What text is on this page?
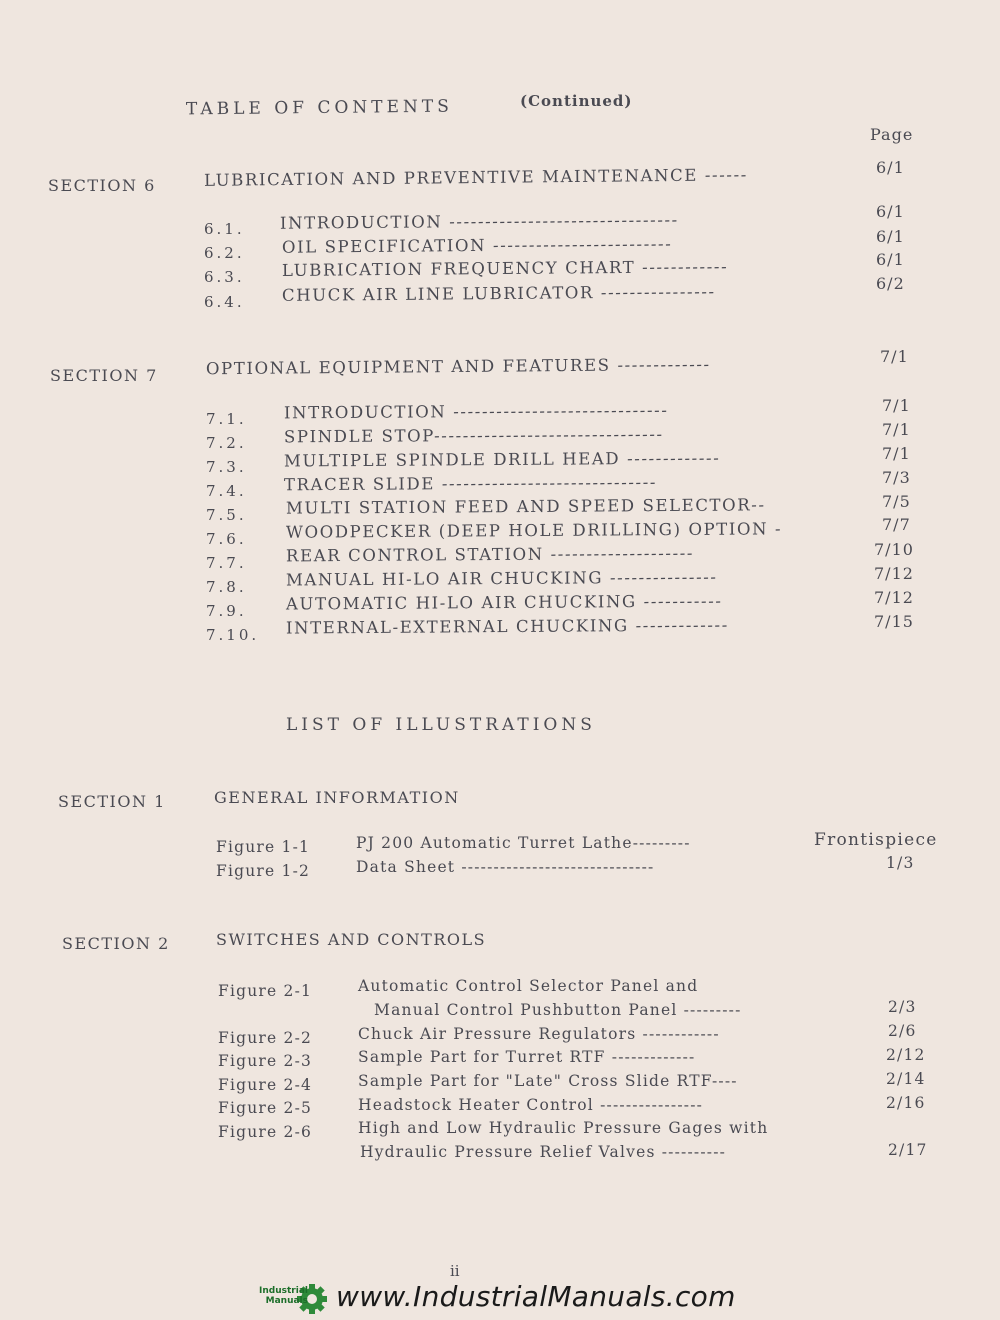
TABLE OF CONTENTS	(Continued)
Page
SECTION 6	LUBRICATION AND PREVENTIVE MAINTENANCE ------	6/1
6.1. INTRODUCTION --------------------------------	6/1
6.2. OIL SPECIFICATION -------------------------	6/1
6.3. LUBRICATION FREQUENCY CHART ------------	6/1
6.4. CHUCK AIR LINE LUBRICATOR ----------------	6/2
SECTION 7	OPTIONAL EQUIPMENT AND FEATURES -------------	7/1
7.1. INTRODUCTION ------------------------------	7/1
7.2. SPINDLE STOP--------------------------------	7/1
7.3. MULTIPLE SPINDLE DRILL HEAD -------------	7/1
7.4. TRACER SLIDE ------------------------------	7/3
7.5. MULTI STATION FEED AND SPEED SELECTOR--	7/5
7.6. WOODPECKER (DEEP HOLE DRILLING) OPTION -	7/7
7.7. REAR CONTROL STATION --------------------	7/10
7.8. MANUAL HI-LO AIR CHUCKING ---------------	7/12
7.9. AUTOMATIC HI-LO AIR CHUCKING -----------	7/12
7.10. INTERNAL-EXTERNAL CHUCKING -------------	7/15
LIST OF ILLUSTRATIONS
SECTION 1	GENERAL INFORMATION
Figure 1-1	PJ 200 Automatic Turret Lathe---------	Frontispiece
Figure 1-2	Data Sheet ------------------------------	1/3
SECTION 2	SWITCHES AND CONTROLS
Figure 2-1	Automatic Control Selector Panel and
Manual Control Pushbutton Panel ---------	2/3
Figure 2-2	Chuck Air Pressure Regulators ------------	2/6
Figure 2-3	Sample Part for Turret RTF -------------	2/12
Figure 2-4	Sample Part for "Late" Cross Slide RTF----	2/14
Figure 2-5	Headstock Heater Control ----------------	2/16
Figure 2-6	High and Low Hydraulic Pressure Gages with
Hydraulic Pressure Relief Valves ----------	2/17
ii
Industrial
Manuals www.IndustrialManuals.com
